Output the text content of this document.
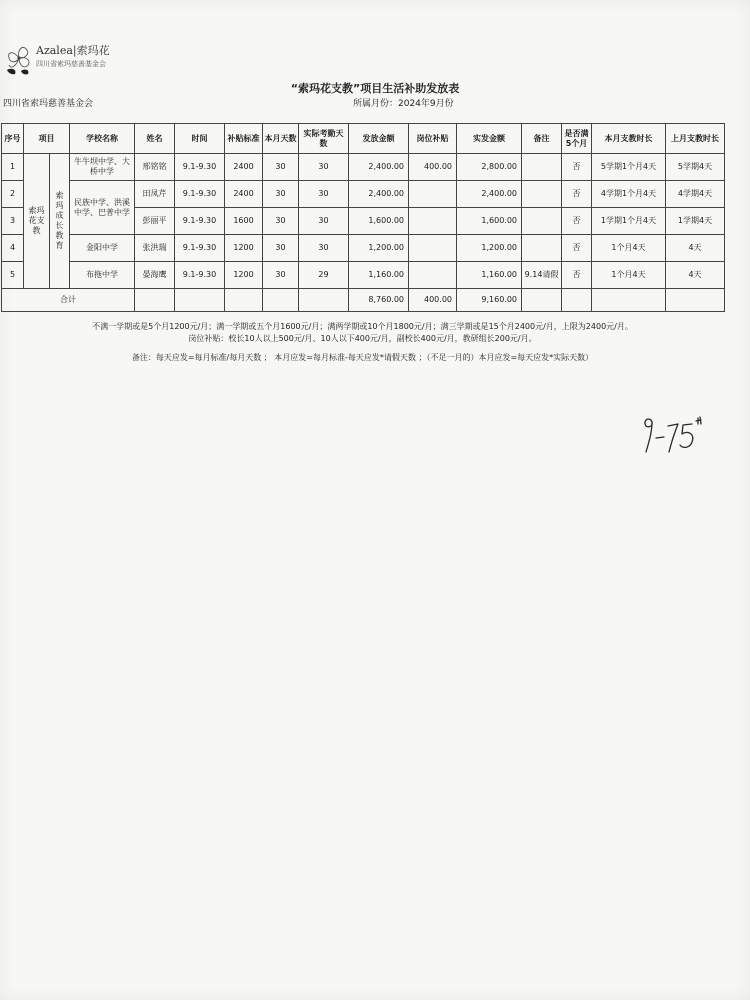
Azalea|索玛花
四川省索玛慈善基金会
“索玛花支教”项目生活补助发放表
四川省索玛慈善基金会	所属月份：2024年9月份
序号	项目		学校名称	姓名	时间	补贴标准	本月天数	实际考勤天数	发放金额	岗位补贴	实发金额	备注	是否满5个月	本月支教时长	上月支教时长
1	索玛花支教	索玛成长教育	牛牛坝中学、大桥中学	邢铭铭	9.1-9.30	2400	30	30	2,400.00	400.00	2,800.00		否	5学期1个月4天	5学期4天
2			民族中学、洪溪中学、巴普中学	田凤芹	9.1-9.30	2400	30	30	2,400.00		2,400.00		否	4学期1个月4天	4学期4天
3				彭丽平	9.1-9.30	1600	30	30	1,600.00		1,600.00		否	1学期1个月4天	1学期4天
4			金阳中学	张洪瑞	9.1-9.30	1200	30	30	1,200.00		1,200.00		否	1个月4天	4天
5			布拖中学	晏海鹰	9.1-9.30	1200	30	29	1,160.00		1,160.00	9.14请假	否	1个月4天	4天
合计									8,760.00	400.00	9,160.00				
不满一学期或是5个月1200元/月；满一学期或五个月1600元/月；满两学期或10个月1800元/月；满三学期或是15个月2400元/月，上限为2400元/月。
岗位补贴：校长10人以上500元/月、10人以下400元/月，副校长400元/月，教研组长200元/月。
备注：每天应发=每月标准/每月天数 ； 本月应发=每月标准-每天应发*请假天数 ；（不足一月的）本月应发=每天应发*实际天数）
